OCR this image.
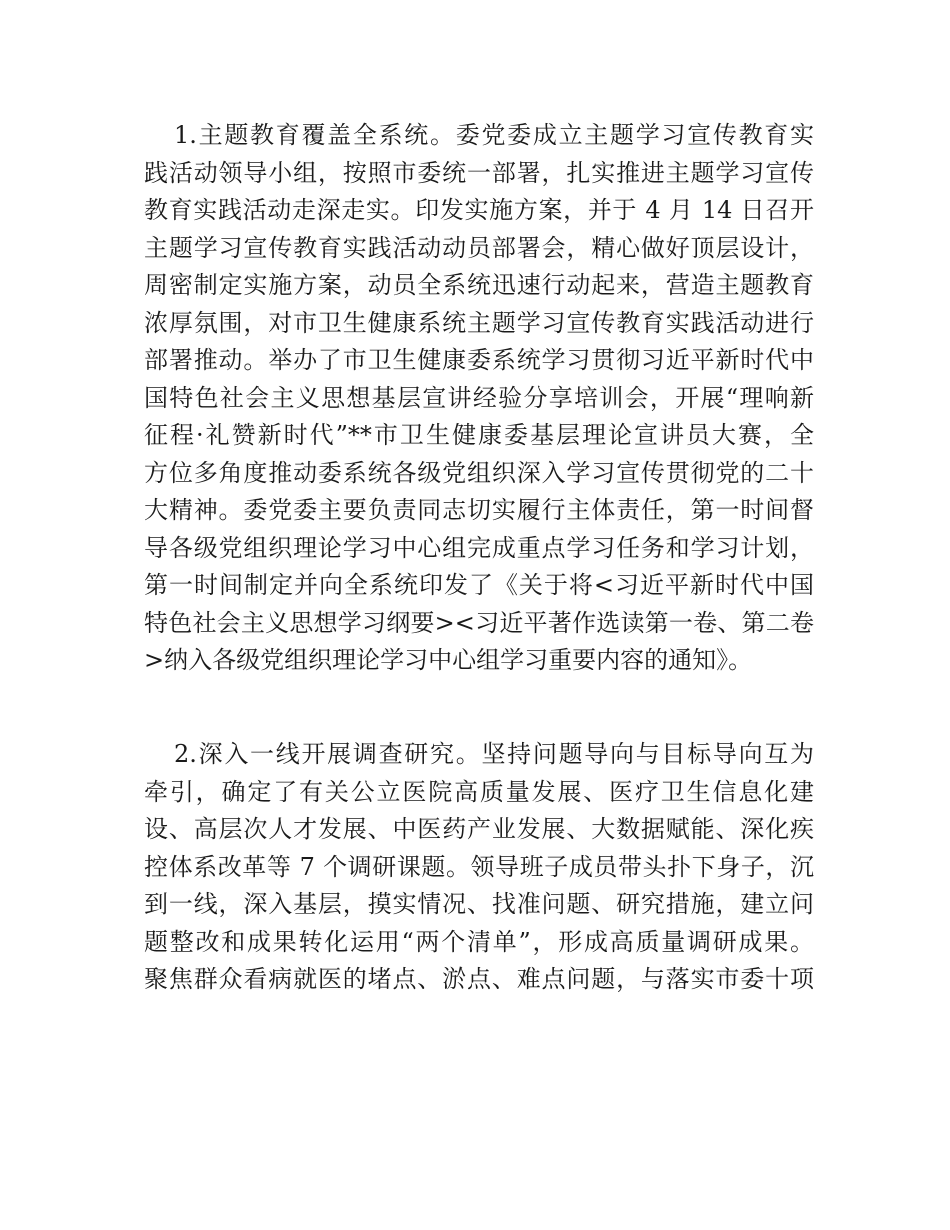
1.主题教育覆盖全系统。委党委成立主题学习宣传教育实
践活动领导小组，按照市委统一部署，扎实推进主题学习宣传
教育实践活动走深走实。印发实施方案，并于 4 月 14 日召开
主题学习宣传教育实践活动动员部署会，精心做好顶层设计，
周密制定实施方案，动员全系统迅速行动起来，营造主题教育
浓厚氛围，对市卫生健康系统主题学习宣传教育实践活动进行
部署推动。举办了市卫生健康委系统学习贯彻习近平新时代中
国特色社会主义思想基层宣讲经验分享培训会，开展“理响新
征程·礼赞新时代”**市卫生健康委基层理论宣讲员大赛，全
方位多角度推动委系统各级党组织深入学习宣传贯彻党的二十
大精神。委党委主要负责同志切实履行主体责任，第一时间督
导各级党组织理论学习中心组完成重点学习任务和学习计划，
第一时间制定并向全系统印发了《关于将<习近平新时代中国
特色社会主义思想学习纲要><习近平著作选读第一卷、第二卷
>纳入各级党组织理论学习中心组学习重要内容的通知》。
2.深入一线开展调查研究。坚持问题导向与目标导向互为
牵引，确定了有关公立医院高质量发展、医疗卫生信息化建
设、高层次人才发展、中医药产业发展、大数据赋能、深化疾
控体系改革等 7 个调研课题。领导班子成员带头扑下身子，沉
到一线，深入基层，摸实情况、找准问题、研究措施，建立问
题整改和成果转化运用“两个清单”，形成高质量调研成果。
聚焦群众看病就医的堵点、淤点、难点问题，与落实市委十项
